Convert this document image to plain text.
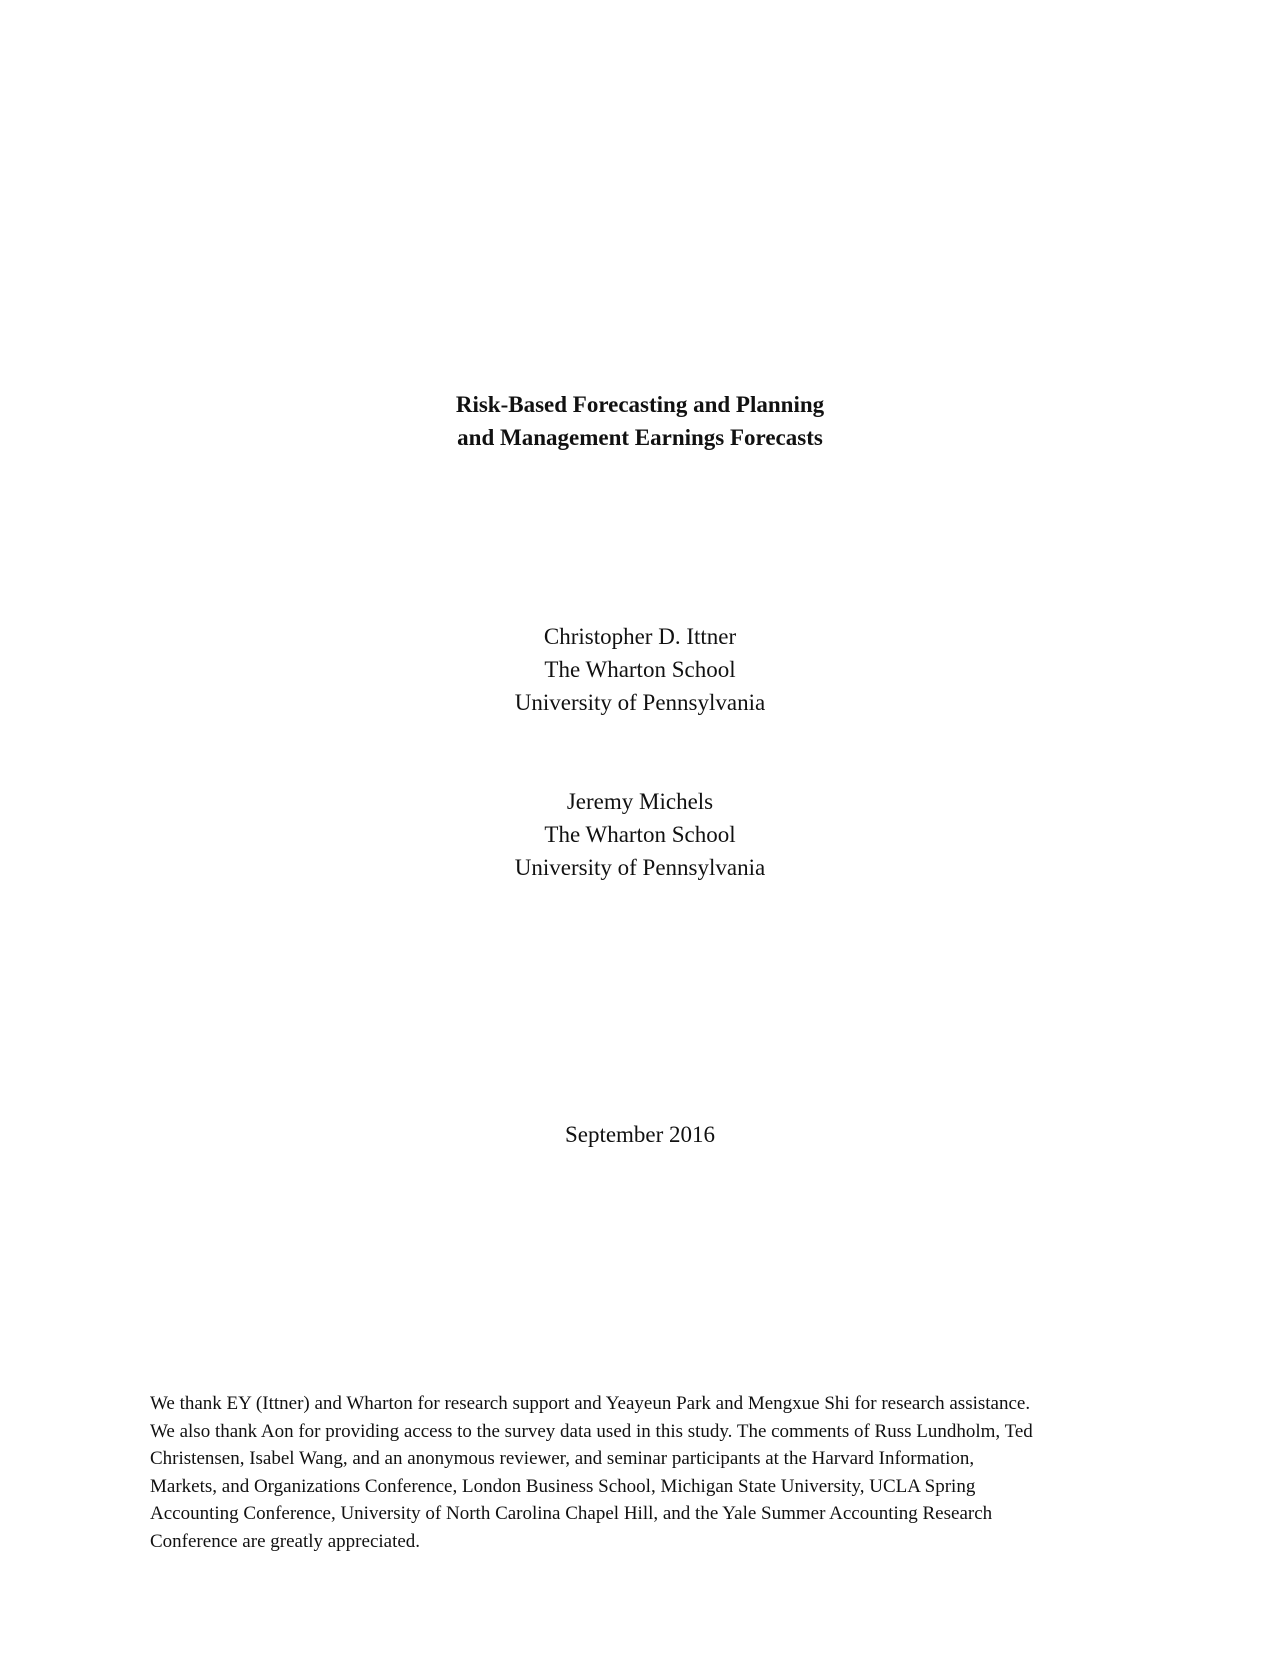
Risk-Based Forecasting and Planning
and Management Earnings Forecasts
Christopher D. Ittner
The Wharton School
University of Pennsylvania
Jeremy Michels
The Wharton School
University of Pennsylvania
September 2016
We thank EY (Ittner) and Wharton for research support and Yeayeun Park and Mengxue Shi for research assistance.
We also thank Aon for providing access to the survey data used in this study. The comments of Russ Lundholm, Ted
Christensen, Isabel Wang, and an anonymous reviewer, and seminar participants at the Harvard Information,
Markets, and Organizations Conference, London Business School, Michigan State University, UCLA Spring
Accounting Conference, University of North Carolina Chapel Hill, and the Yale Summer Accounting Research
Conference are greatly appreciated.
